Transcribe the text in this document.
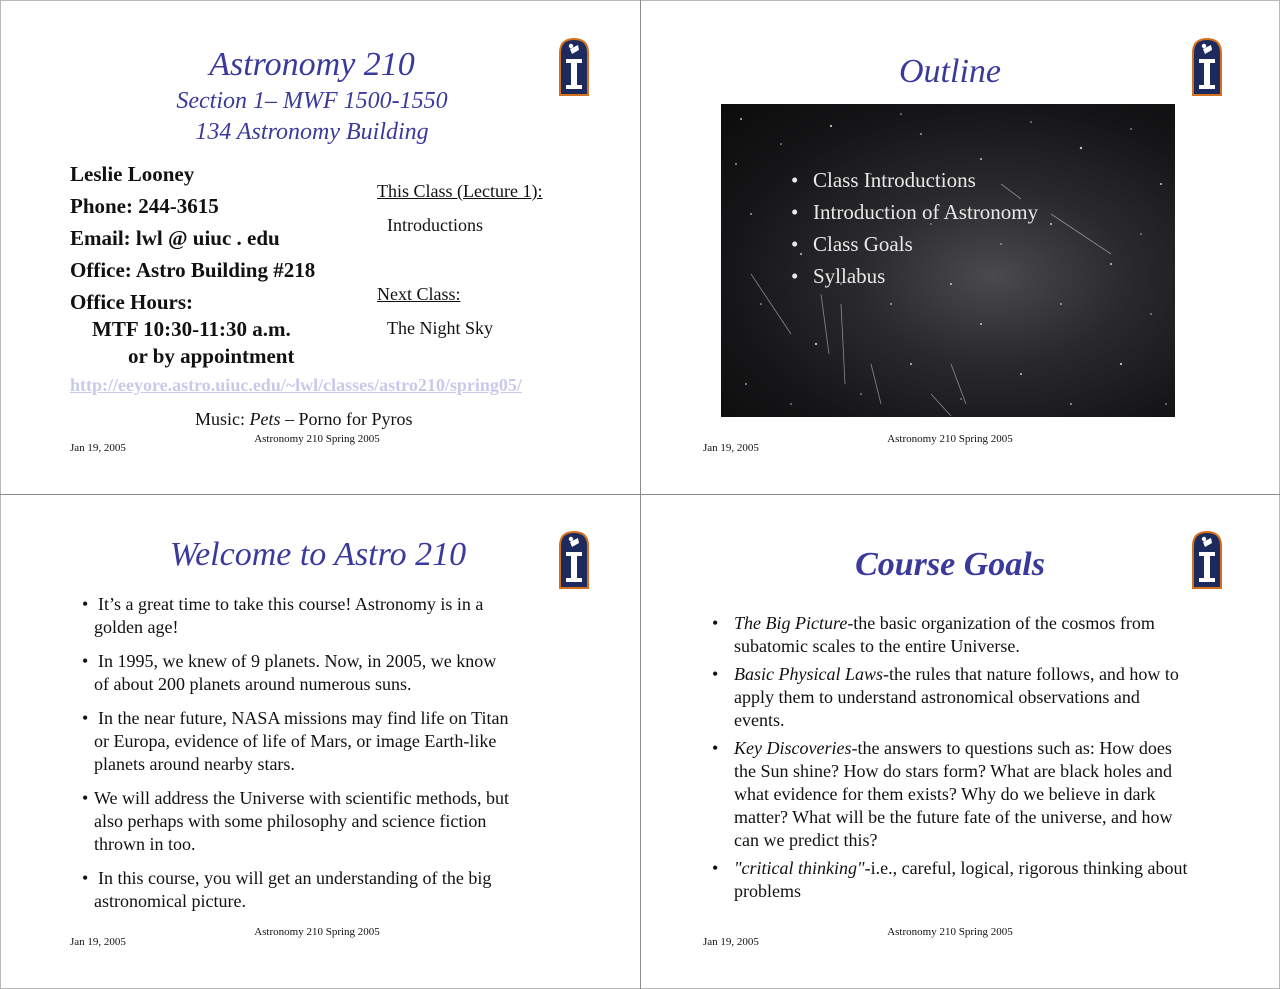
Astronomy 210
Section 1– MWF 1500-1550
134 Astronomy Building
Leslie Looney
Phone: 244-3615
Email: lwl @ uiuc . edu
Office: Astro Building #218
Office Hours:
MTF 10:30-11:30 a.m.
or by appointment
This Class (Lecture 1):
Introductions
Next Class:
The Night Sky
http://eeyore.astro.uiuc.edu/~lwl/classes/astro210/spring05/
Music: Pets – Porno for Pyros
Astronomy 210 Spring 2005
Jan 19, 2005
Outline
• Class Introductions
• Introduction of Astronomy
• Class Goals
• Syllabus
Astronomy 210 Spring 2005
Jan 19, 2005
Welcome to Astro 210
• It’s a great time to take this course! Astronomy is in a
golden age!
• In 1995, we knew of 9 planets. Now, in 2005, we know
of about 200 planets around numerous suns.
• In the near future, NASA missions may find life on Titan
or Europa, evidence of life of Mars, or image Earth-like
planets around nearby stars.
• We will address the Universe with scientific methods, but
also perhaps with some philosophy and science fiction
thrown in too.
• In this course, you will get an understanding of the big
astronomical picture.
Astronomy 210 Spring 2005
Jan 19, 2005
Course Goals
• The Big Picture-the basic organization of the cosmos from subatomic scales to the entire Universe.
• Basic Physical Laws-the rules that nature follows, and how to apply them to understand astronomical observations and events.
• Key Discoveries-the answers to questions such as: How does the Sun shine? How do stars form? What are black holes and what evidence for them exists? Why do we believe in dark matter? What will be the future fate of the universe, and how can we predict this?
• "critical thinking"-i.e., careful, logical, rigorous thinking about problems
Astronomy 210 Spring 2005
Jan 19, 2005
